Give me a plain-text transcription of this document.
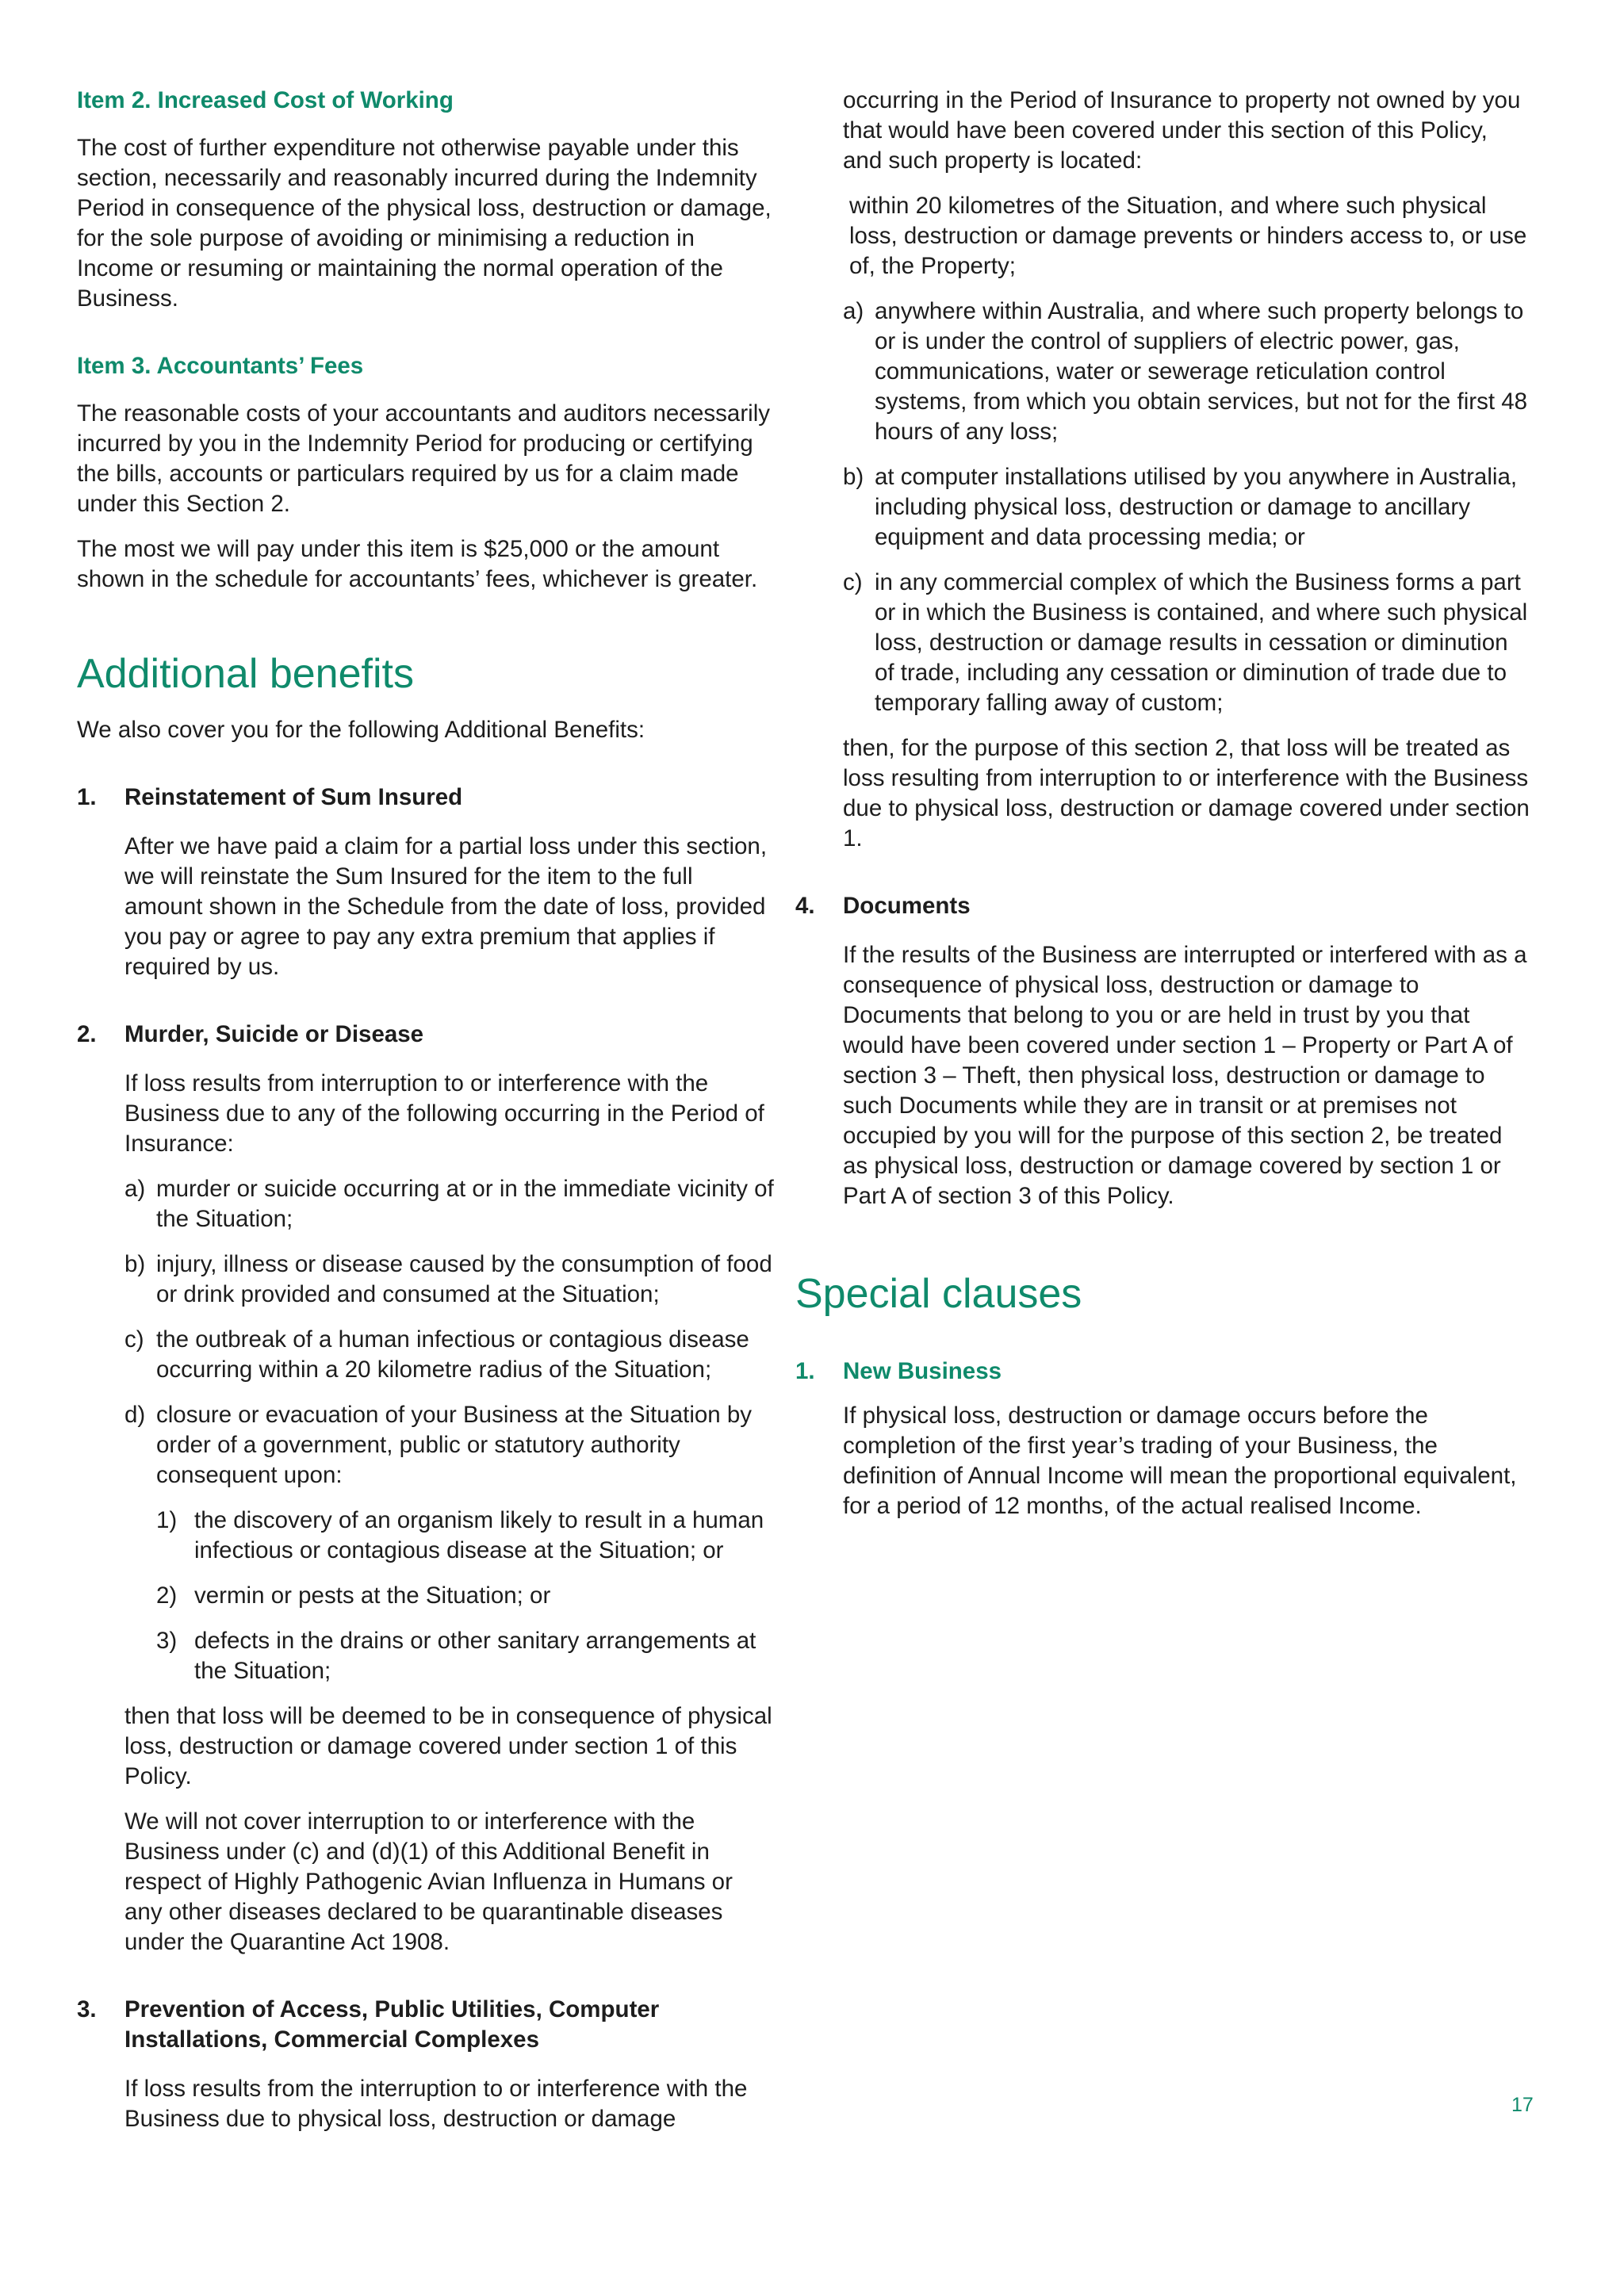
Item 2. Increased Cost of Working

The cost of further expenditure not otherwise payable under this section, necessarily and reasonably incurred during the Indemnity Period in consequence of the physical loss, destruction or damage, for the sole purpose of avoiding or minimising a reduction in Income or resuming or maintaining the normal operation of the Business.

Item 3. Accountants’ Fees

The reasonable costs of your accountants and auditors necessarily incurred by you in the Indemnity Period for producing or certifying the bills, accounts or particulars required by us for a claim made under this Section 2.

The most we will pay under this item is $25,000 or the amount shown in the schedule for accountants’ fees, whichever is greater.

Additional benefits

We also cover you for the following Additional Benefits:

1.	Reinstatement of Sum Insured

After we have paid a claim for a partial loss under this section, we will reinstate the Sum Insured for the item to the full amount shown in the Schedule from the date of loss, provided you pay or agree to pay any extra premium that applies if required by us.

2.	Murder, Suicide or Disease

If loss results from interruption to or interference with the Business due to any of the following occurring in the Period of Insurance:

a) murder or suicide occurring at or in the immediate vicinity of the Situation;
b) injury, illness or disease caused by the consumption of food or drink provided and consumed at the Situation;
c) the outbreak of a human infectious or contagious disease occurring within a 20 kilometre radius of the Situation;
d) closure or evacuation of your Business at the Situation by order of a government, public or statutory authority consequent upon:
1) the discovery of an organism likely to result in a human infectious or contagious disease at the Situation; or
2) vermin or pests at the Situation; or
3) defects in the drains or other sanitary arrangements at the Situation;

then that loss will be deemed to be in consequence of physical loss, destruction or damage covered under section 1 of this Policy.

We will not cover interruption to or interference with the Business under (c) and (d)(1) of this Additional Benefit in respect of Highly Pathogenic Avian Influenza in Humans or any other diseases declared to be quarantinable diseases under the Quarantine Act 1908.

3.	Prevention of Access, Public Utilities, Computer Installations, Commercial Complexes

If loss results from the interruption to or interference with the Business due to physical loss, destruction or damage

occurring in the Period of Insurance to property not owned by you that would have been covered under this section of this Policy, and such property is located:

within 20 kilometres of the Situation, and where such physical loss, destruction or damage prevents or hinders access to, or use of, the Property;

a) anywhere within Australia, and where such property belongs to or is under the control of suppliers of electric power, gas, communications, water or sewerage reticulation control systems, from which you obtain services, but not for the first 48 hours of any loss;
b) at computer installations utilised by you anywhere in Australia, including physical loss, destruction or damage to ancillary equipment and data processing media; or
c) in any commercial complex of which the Business forms a part or in which the Business is contained, and where such physical loss, destruction or damage results in cessation or diminution of trade, including any cessation or diminution of trade due to temporary falling away of custom;

then, for the purpose of this section 2, that loss will be treated as loss resulting from interruption to or interference with the Business due to physical loss, destruction or damage covered under section 1.

4.	Documents

If the results of the Business are interrupted or interfered with as a consequence of physical loss, destruction or damage to Documents that belong to you or are held in trust by you that would have been covered under section 1 – Property or Part A of section 3 – Theft, then physical loss, destruction or damage to such Documents while they are in transit or at premises not occupied by you will for the purpose of this section 2, be treated as physical loss, destruction or damage covered by section 1 or Part A of section 3 of this Policy.

Special clauses
1.	New Business

If physical loss, destruction or damage occurs before the completion of the first year’s trading of your Business, the definition of Annual Income will mean the proportional equivalent, for a period of 12 months, of the actual realised Income.

17
